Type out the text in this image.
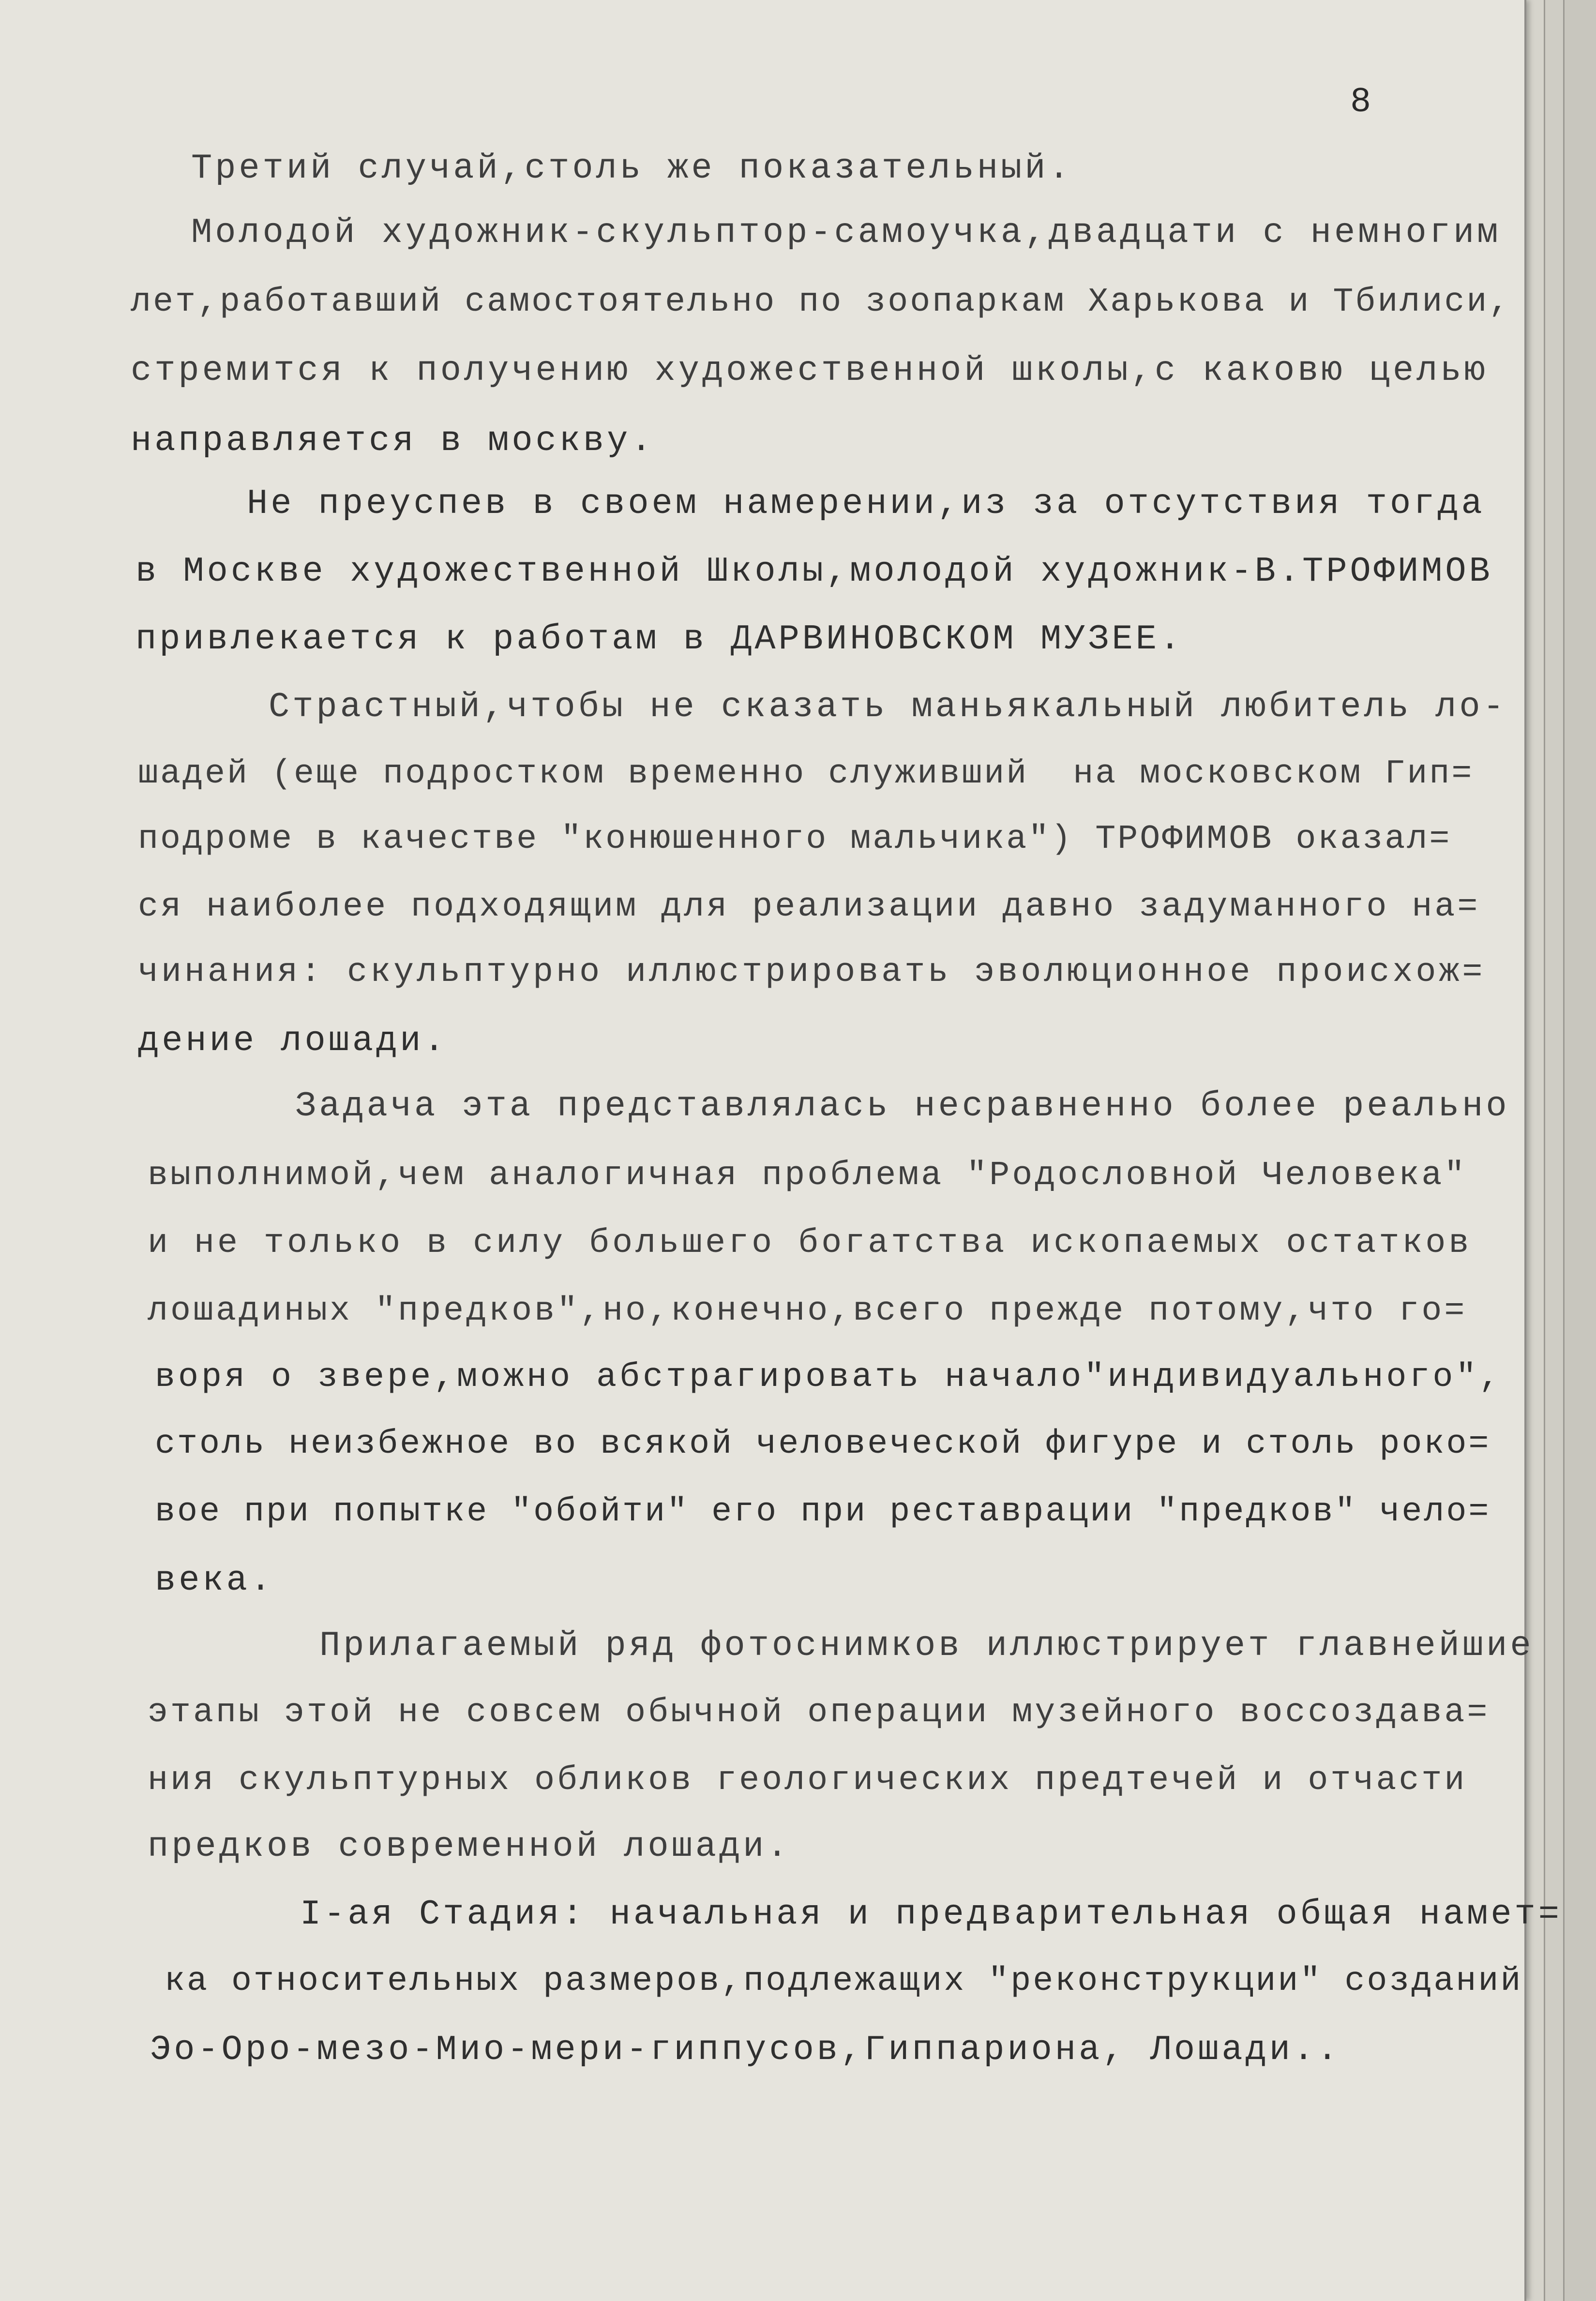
8
Третий случай,столь же показательный.
Молодой художник-скульптор-самоучка,двадцати с немногим
лет,работавший самостоятельно по зоопаркам Харькова и Тбилиси,
стремится к получению художественной школы,с каковю целью
направляется в москву.
Не преуспев в своем намерении,из за отсутствия тогда
в Москве художественной Школы,молодой художник-В.ТРОФИМОВ
привлекается к работам в ДАРВИНОВСКОМ МУЗЕЕ.
Страстный,чтобы не сказать маньякальный любитель ло-
шадей (еще подростком временно служивший  на московском Гип=
подроме в качестве "конюшенного мальчика") ТРОФИМОВ оказал=
ся наиболее подходящим для реализации давно задуманного на=
чинания: скульптурно иллюстрировать эволюционное происхож=
дение лошади.
Задача эта представлялась несравненно более реально
выполнимой,чем аналогичная проблема "Родословной Человека"
и не только в силу большего богатства ископаемых остатков
лошадиных "предков",но,конечно,всего прежде потому,что го=
воря о звере,можно абстрагировать начало"индивидуального",
столь неизбежное во всякой человеческой фигуре и столь роко=
вое при попытке "обойти" его при реставрации "предков" чело=
века.
Прилагаемый ряд фотоснимков иллюстрирует главнейшие
этапы этой не совсем обычной операции музейного воссоздава=
ния скульптурных обликов геологических предтечей и отчасти
предков современной лошади.
I-ая Стадия: начальная и предварительная общая намет=
ка относительных размеров,подлежащих "реконструкции" созданий
Эо-Оро-мезо-Мио-мери-гиппусов,Гиппариона, Лошади..
